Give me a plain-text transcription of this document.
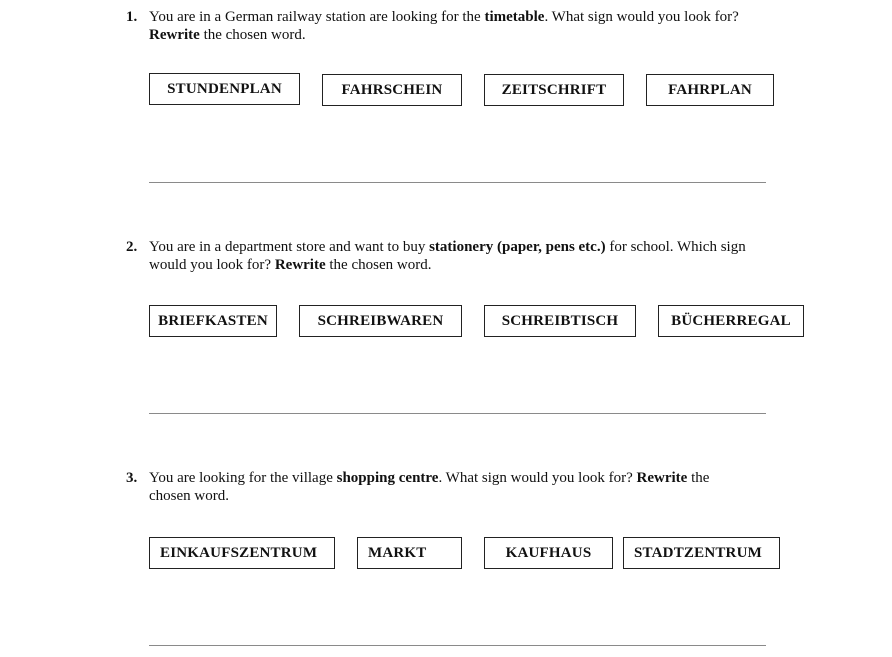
1. You are in a German railway station are looking for the timetable. What sign would you look for?
Rewrite the chosen word.
STUNDENPLAN	FAHRSCHEIN	ZEITSCHRIFT	FAHRPLAN
2. You are in a department store and want to buy stationery (paper, pens etc.) for school. Which sign
would you look for? Rewrite the chosen word.
BRIEFKASTEN	SCHREIBWAREN	SCHREIBTISCH	BÜCHERREGAL
3. You are looking for the village shopping centre. What sign would you look for? Rewrite the
chosen word.
EINKAUFSZENTRUM	MARKT	KAUFHAUS	STADTZENTRUM
